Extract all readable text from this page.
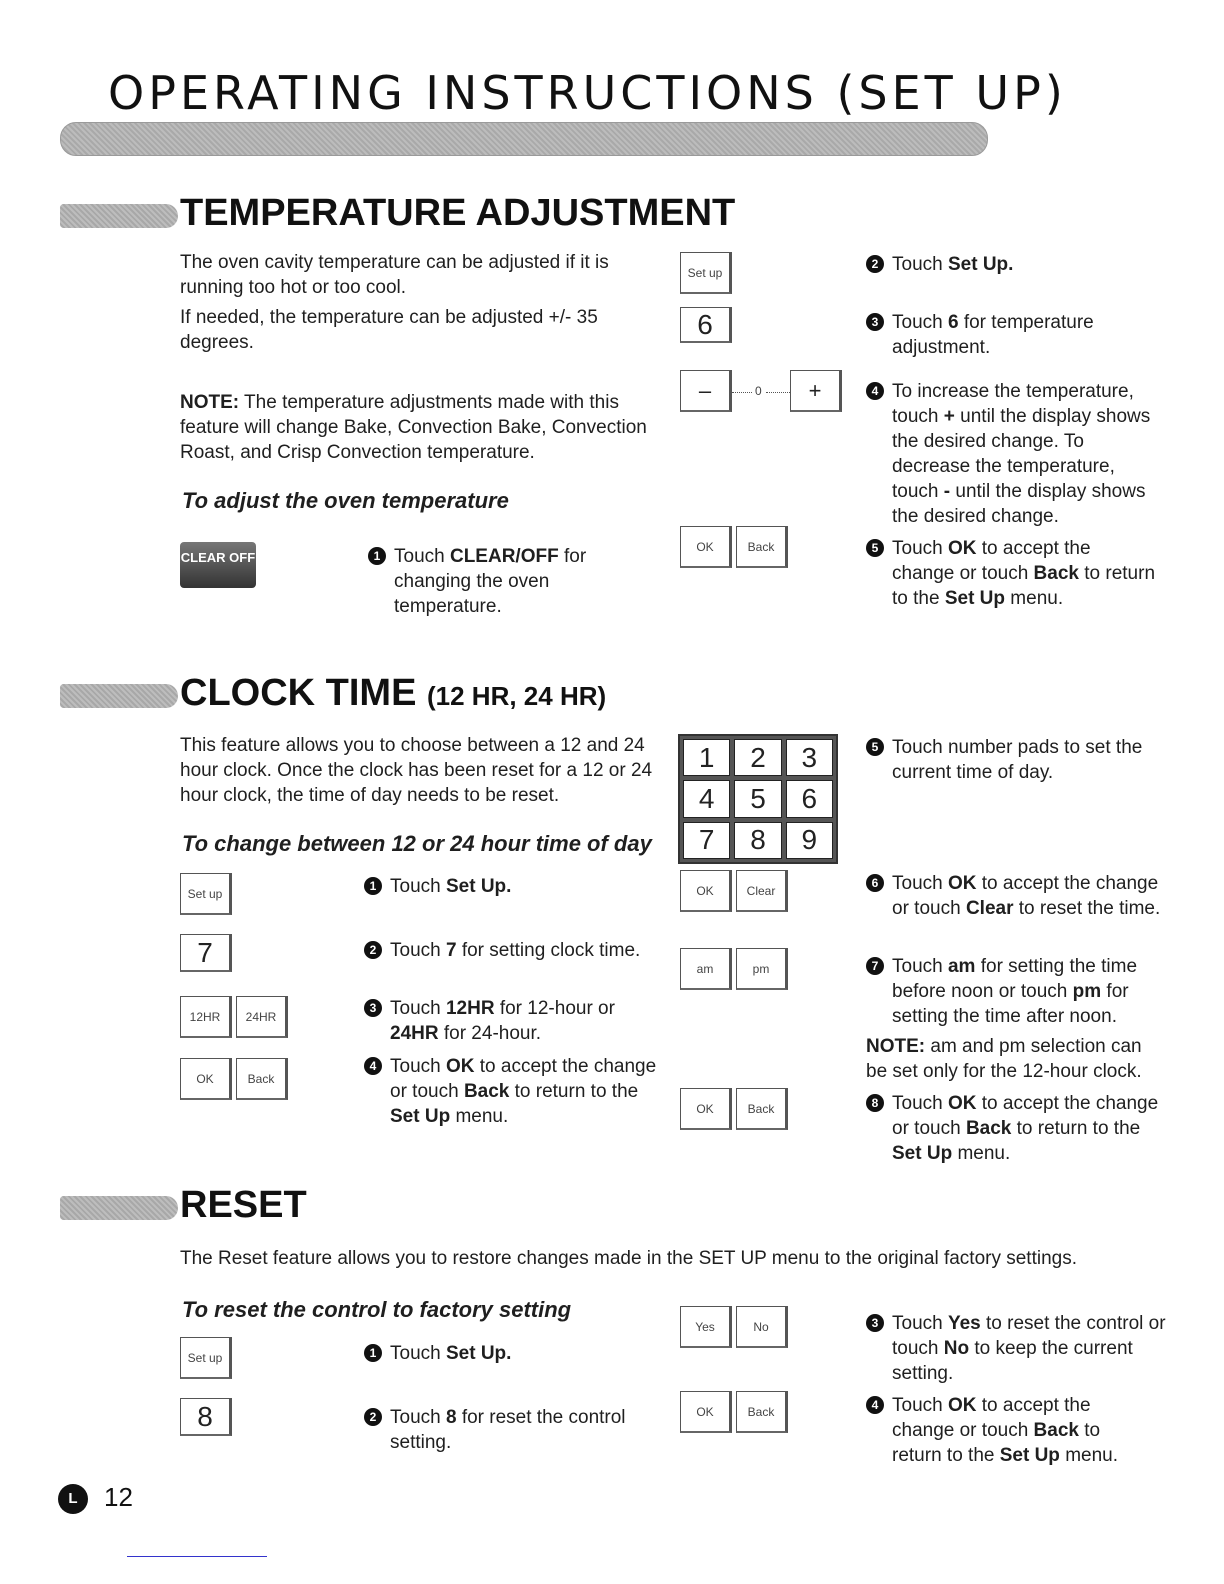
OPERATING INSTRUCTIONS (SET UP)
TEMPERATURE ADJUSTMENT
The oven cavity temperature can be adjusted if it is running too hot or too cool.
If needed, the temperature can be adjusted +/- 35 degrees.
NOTE: The temperature adjustments made with this feature will change Bake, Convection Bake, Convection Roast, and Crisp Convection temperature.
To adjust the oven temperature
CLEAR OFF	1 Touch CLEAR/OFF for changing the oven temperature.
Set up
6
–	0	+
OK	Back
2 Touch Set Up.
3 Touch 6 for temperature adjustment.
4 To increase the temperature, touch + until the display shows the desired change. To decrease the temperature, touch - until the display shows the desired change.
5 Touch OK to accept the change or touch Back to return to the Set Up menu.
CLOCK TIME (12 HR, 24 HR)
This feature allows you to choose between a 12 and 24 hour clock. Once the clock has been reset for a 12 or 24 hour clock, the time of day needs to be reset.
To change between 12 or 24 hour time of day
Set up
7
12HR	24HR
OK	Back
1 Touch Set Up.
2 Touch 7 for setting clock time.
3 Touch 12HR for 12-hour or 24HR for 24-hour.
4 Touch OK to accept the change or touch Back to return to the Set Up menu.
1	2	3
4	5	6
7	8	9
OK	Clear
am	pm
OK	Back
5 Touch number pads to set the current time of day.
6 Touch OK to accept the change or touch Clear to reset the time.
7 Touch am for setting the time before noon or touch pm for setting the time after noon.
NOTE: am and pm selection can be set only for the 12-hour clock.
8 Touch OK to accept the change or touch Back to return to the Set Up menu.
RESET
The Reset feature allows you to restore changes made in the SET UP menu to the original factory settings.
To reset the control to factory setting
Set up
8
1 Touch Set Up.
2 Touch 8 for reset the control setting.
Yes	No
OK	Back
3 Touch Yes to reset the control or touch No to keep the current setting.
4 Touch OK to accept the change or touch Back to return to the Set Up menu.
L	12
